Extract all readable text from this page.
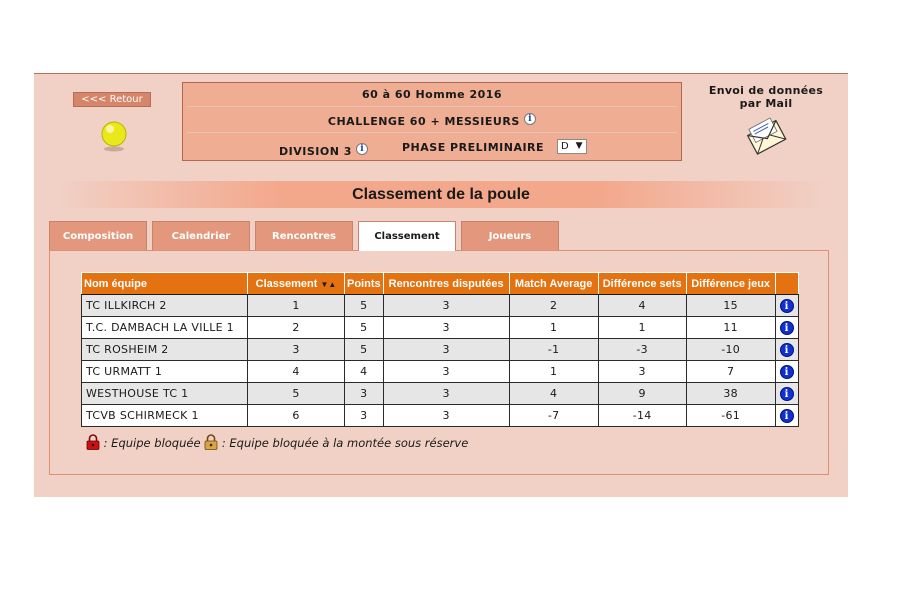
<<< Retour	60 à 60 Homme 2016
CHALLENGE 60 + MESSIEURS i
DIVISION 3 i	PHASE PRELIMINAIRE	D ▼
Envoi de données
par Mail
Classement de la poule
Composition	Calendrier	Rencontres	Classement	Joueurs
Nom équipe	Classement ▼▲	Points	Rencontres disputées	Match Average	Différence sets	Différence jeux	
TC ILLKIRCH 2	1	5	3	2	4	15	i
T.C. DAMBACH LA VILLE 1	2	5	3	1	1	11	i
TC ROSHEIM 2	3	5	3	-1	-3	-10	i
TC URMATT 1	4	4	3	1	3	7	i
WESTHOUSE TC 1	5	3	3	4	9	38	i
TCVB SCHIRMECK 1	6	3	3	-7	-14	-61	i
: Equipe bloquée : Equipe bloquée à la montée sous réserve
